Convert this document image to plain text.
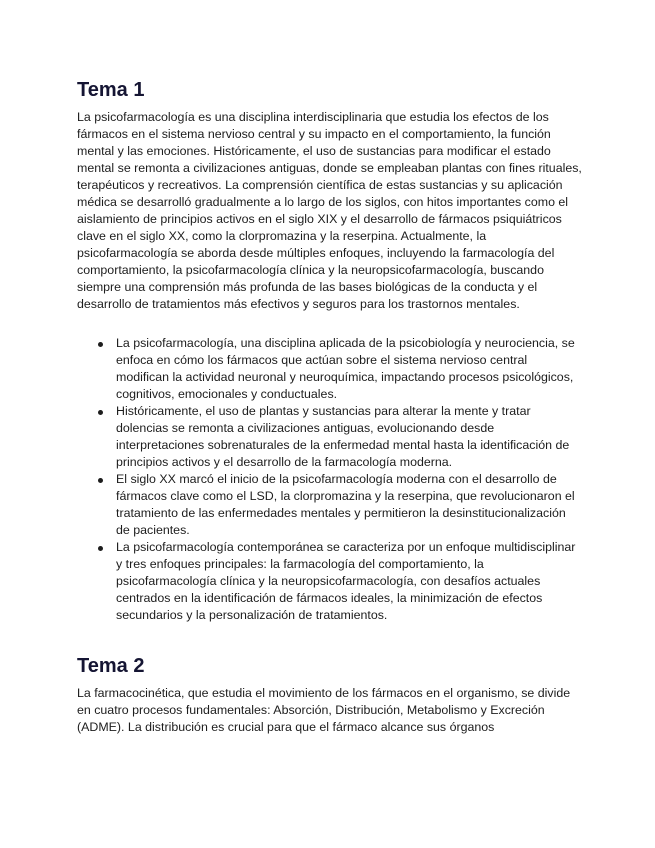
Tema 1

La psicofarmacología es una disciplina interdisciplinaria que estudia los efectos de los fármacos en el sistema nervioso central y su impacto en el comportamiento, la función mental y las emociones. Históricamente, el uso de sustancias para modificar el estado mental se remonta a civilizaciones antiguas, donde se empleaban plantas con fines rituales, terapéuticos y recreativos. La comprensión científica de estas sustancias y su aplicación médica se desarrolló gradualmente a lo largo de los siglos, con hitos importantes como el aislamiento de principios activos en el siglo XIX y el desarrollo de fármacos psiquiátricos clave en el siglo XX, como la clorpromazina y la reserpina. Actualmente, la psicofarmacología se aborda desde múltiples enfoques, incluyendo la farmacología del comportamiento, la psicofarmacología clínica y la neuropsicofarmacología, buscando siempre una comprensión más profunda de las bases biológicas de la conducta y el desarrollo de tratamientos más efectivos y seguros para los trastornos mentales.

La psicofarmacología, una disciplina aplicada de la psicobiología y neurociencia, se enfoca en cómo los fármacos que actúan sobre el sistema nervioso central modifican la actividad neuronal y neuroquímica, impactando procesos psicológicos, cognitivos, emocionales y conductuales.
Históricamente, el uso de plantas y sustancias para alterar la mente y tratar dolencias se remonta a civilizaciones antiguas, evolucionando desde interpretaciones sobrenaturales de la enfermedad mental hasta la identificación de principios activos y el desarrollo de la farmacología moderna.
El siglo XX marcó el inicio de la psicofarmacología moderna con el desarrollo de fármacos clave como el LSD, la clorpromazina y la reserpina, que revolucionaron el tratamiento de las enfermedades mentales y permitieron la desinstitucionalización de pacientes.
La psicofarmacología contemporánea se caracteriza por un enfoque multidisciplinar y tres enfoques principales: la farmacología del comportamiento, la psicofarmacología clínica y la neuropsicofarmacología, con desafíos actuales centrados en la identificación de fármacos ideales, la minimización de efectos secundarios y la personalización de tratamientos.
Tema 2

La farmacocinética, que estudia el movimiento de los fármacos en el organismo, se divide en cuatro procesos fundamentales: Absorción, Distribución, Metabolismo y Excreción (ADME). La distribución es crucial para que el fármaco alcance sus órganos
